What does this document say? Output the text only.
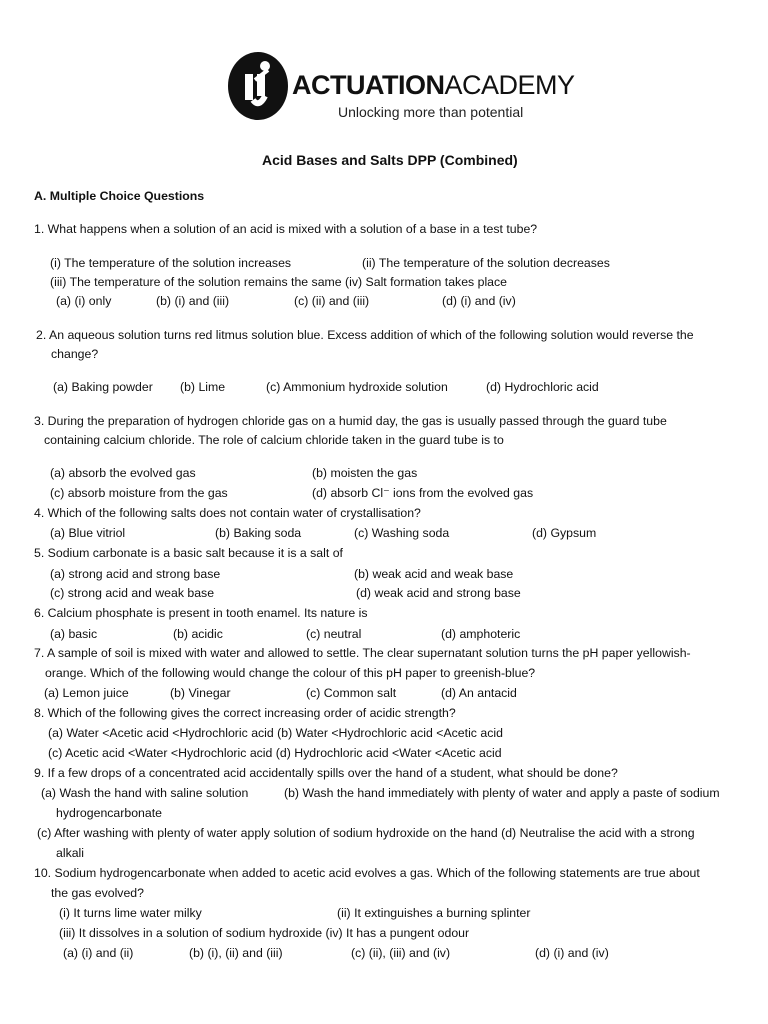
ACTUATIONACADEMY
Unlocking more than potential
Acid Bases and Salts DPP (Combined)
A. Multiple Choice Questions
1. What happens when a solution of an acid is mixed with a solution of a base in a test tube?
(i) The temperature of the solution increases	(ii) The temperature of the solution decreases
(iii) The temperature of the solution remains the same (iv) Salt formation takes place
(a) (i) only	(b) (i) and (iii)	(c) (ii) and (iii)	(d) (i) and (iv)
2. An aqueous solution turns red litmus solution blue. Excess addition of which of the following solution would reverse the
change?
(a) Baking powder (b) Lime	(c) Ammonium hydroxide solution	(d) Hydrochloric acid
3. During the preparation of hydrogen chloride gas on a humid day, the gas is usually passed through the guard tube
containing calcium chloride. The role of calcium chloride taken in the guard tube is to
(a) absorb the evolved gas	(b) moisten the gas
(c) absorb moisture from the gas	(d) absorb Cl⁻ ions from the evolved gas
4. Which of the following salts does not contain water of crystallisation?
(a) Blue vitriol	(b) Baking soda	(c) Washing soda	(d) Gypsum
5. Sodium carbonate is a basic salt because it is a salt of
(a) strong acid and strong base	(b) weak acid and weak base
(c) strong acid and weak base	(d) weak acid and strong base
6. Calcium phosphate is present in tooth enamel. Its nature is
(a) basic	(b) acidic	(c) neutral	(d) amphoteric
7. A sample of soil is mixed with water and allowed to settle. The clear supernatant solution turns the pH paper yellowish-
orange. Which of the following would change the colour of this pH paper to greenish-blue?
(a) Lemon juice	(b) Vinegar	(c) Common salt	(d) An antacid
8. Which of the following gives the correct increasing order of acidic strength?
(a) Water <Acetic acid <Hydrochloric acid (b) Water <Hydrochloric acid <Acetic acid
(c) Acetic acid <Water <Hydrochloric acid (d) Hydrochloric acid <Water <Acetic acid
9. If a few drops of a concentrated acid accidentally spills over the hand of a student, what should be done?
(a) Wash the hand with saline solution	(b) Wash the hand immediately with plenty of water and apply a paste of sodium
hydrogencarbonate
(c) After washing with plenty of water apply solution of sodium hydroxide on the hand (d) Neutralise the acid with a strong
alkali
10. Sodium hydrogencarbonate when added to acetic acid evolves a gas. Which of the following statements are true about
the gas evolved?
(i) It turns lime water milky	(ii) It extinguishes a burning splinter
(iii) It dissolves in a solution of sodium hydroxide (iv) It has a pungent odour
(a) (i) and (ii)	(b) (i), (ii) and (iii)	(c) (ii), (iii) and (iv)	(d) (i) and (iv)
